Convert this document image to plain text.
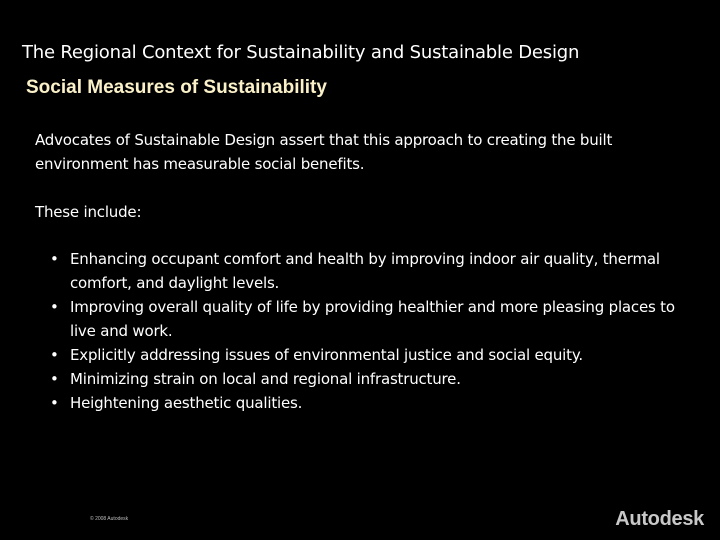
The Regional Context for Sustainability and Sustainable Design
Social Measures of Sustainability

Advocates of Sustainable Design assert that this approach to creating the built environment has measurable social benefits.

These include:

• Enhancing occupant comfort and health by improving indoor air quality, thermal comfort, and daylight levels.
• Improving overall quality of life by providing healthier and more pleasing places to live and work.
• Explicitly addressing issues of environmental justice and social equity.
• Minimizing strain on local and regional infrastructure.
• Heightening aesthetic qualities.
© 2008 Autodesk	Autodesk
